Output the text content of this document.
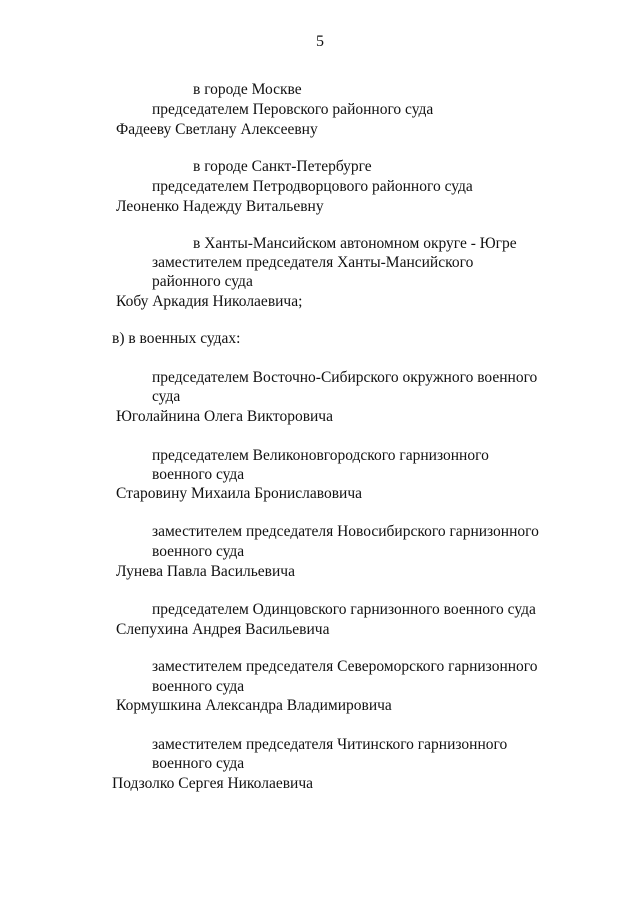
5
в городе Москве
председателем Перовского районного суда
Фадееву Светлану Алексеевну
в городе Санкт-Петербурге
председателем Петродворцового районного суда
Леоненко Надежду Витальевну
в Ханты-Мансийском автономном округе - Югре
заместителем председателя Ханты-Мансийского
районного суда
Кобу Аркадия Николаевича;
в) в военных судах:
председателем Восточно-Сибирского окружного военного
суда
Юголайнина Олега Викторовича
председателем Великоновгородского гарнизонного
военного суда
Старовину Михаила Брониславовича
заместителем председателя Новосибирского гарнизонного
военного суда
Лунева Павла Васильевича
председателем Одинцовского гарнизонного военного суда
Слепухина Андрея Васильевича
заместителем председателя Североморского гарнизонного
военного суда
Кормушкина Александра Владимировича
заместителем председателя Читинского гарнизонного
военного суда
Подзолко Сергея Николаевича
